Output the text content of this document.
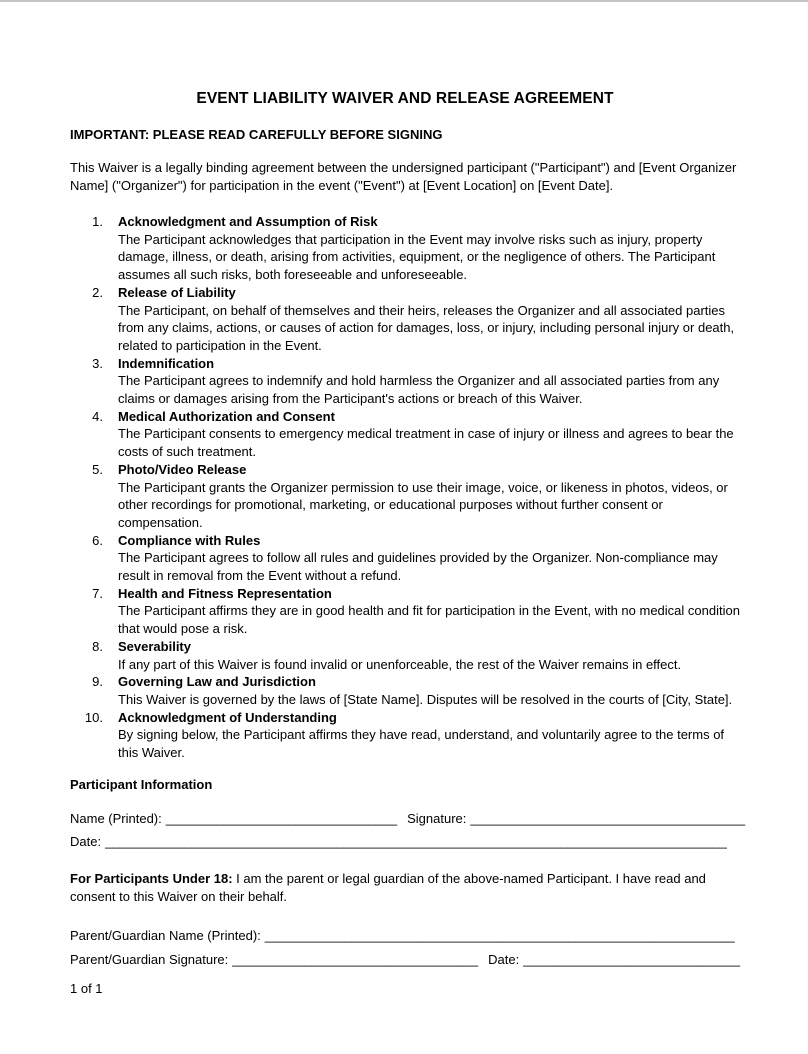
EVENT LIABILITY WAIVER AND RELEASE AGREEMENT

IMPORTANT: PLEASE READ CAREFULLY BEFORE SIGNING

This Waiver is a legally binding agreement between the undersigned participant ("Participant") and [Event Organizer Name] ("Organizer") for participation in the event ("Event") at [Event Location] on [Event Date].

1.	Acknowledgment and Assumption of Risk
The Participant acknowledges that participation in the Event may involve risks such as injury, property damage, illness, or death, arising from activities, equipment, or the negligence of others. The Participant assumes all such risks, both foreseeable and unforeseeable.
2.	Release of Liability
The Participant, on behalf of themselves and their heirs, releases the Organizer and all associated parties from any claims, actions, or causes of action for damages, loss, or injury, including personal injury or death, related to participation in the Event.
3.	Indemnification
The Participant agrees to indemnify and hold harmless the Organizer and all associated parties from any claims or damages arising from the Participant's actions or breach of this Waiver.
4.	Medical Authorization and Consent
The Participant consents to emergency medical treatment in case of injury or illness and agrees to bear the costs of such treatment.
5.	Photo/Video Release
The Participant grants the Organizer permission to use their image, voice, or likeness in photos, videos, or other recordings for promotional, marketing, or educational purposes without further consent or compensation.
6.	Compliance with Rules
The Participant agrees to follow all rules and guidelines provided by the Organizer. Non-compliance may result in removal from the Event without a refund.
7.	Health and Fitness Representation
The Participant affirms they are in good health and fit for participation in the Event, with no medical condition that would pose a risk.
8.	Severability
If any part of this Waiver is found invalid or unenforceable, the rest of the Waiver remains in effect.
9.	Governing Law and Jurisdiction
This Waiver is governed by the laws of [State Name]. Disputes will be resolved in the courts of [City, State].
10.	Acknowledgment of Understanding
By signing below, the Participant affirms they have read, understand, and voluntarily agree to the terms of this Waiver.

Participant Information

Name (Printed): ________________________________ Signature: ______________________________________
Date: ______________________________________________________________________________________

For Participants Under 18: I am the parent or legal guardian of the above-named Participant. I have read and consent to this Waiver on their behalf.

Parent/Guardian Name (Printed): _________________________________________________________________
Parent/Guardian Signature: __________________________________ Date: ______________________________
1 of 1
